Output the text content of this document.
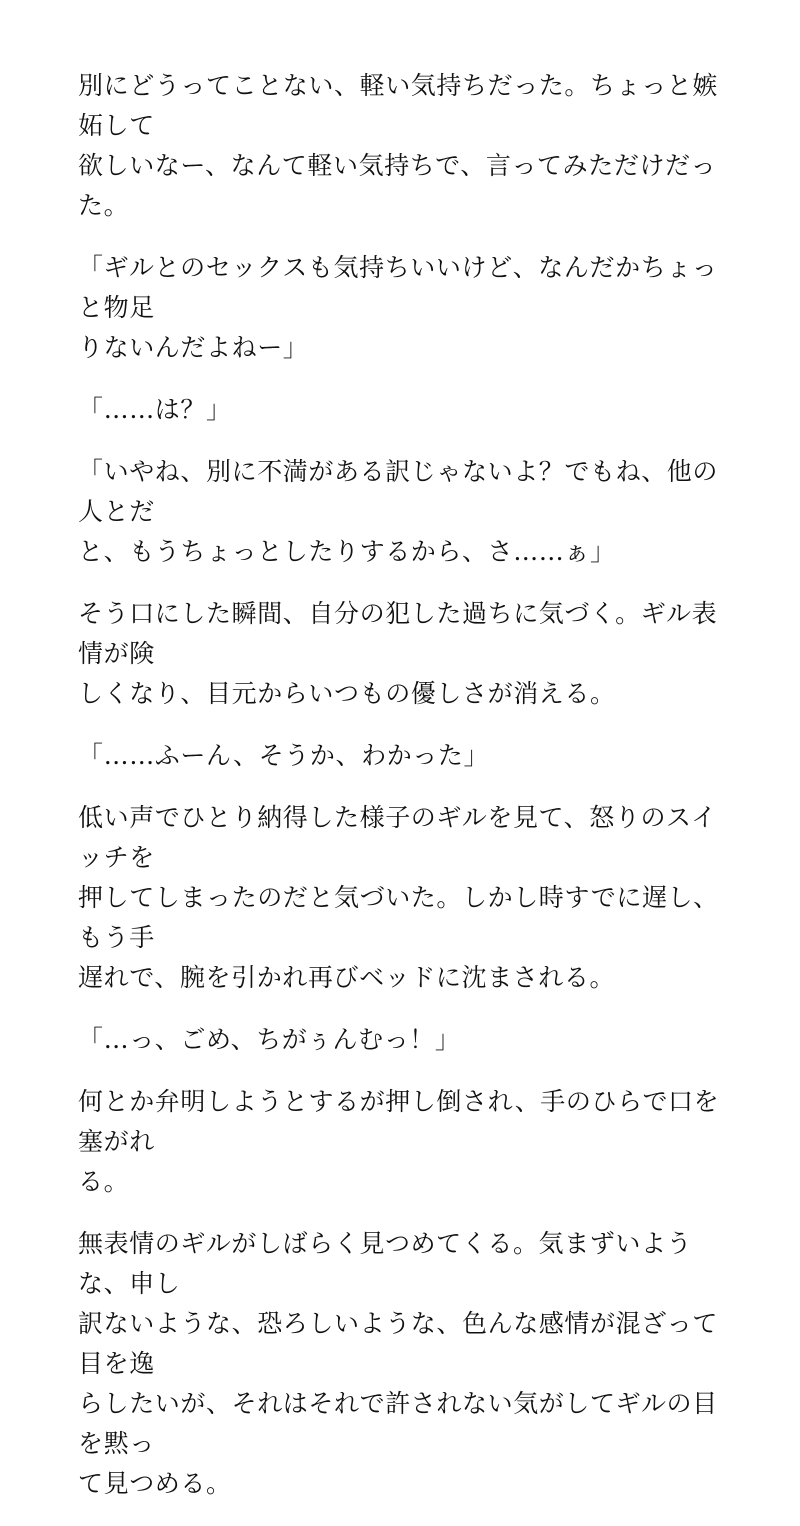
別にどうってことない、軽い気持ちだった。ちょっと嫉妬して
欲しいなー、なんて軽い気持ちで、言ってみただけだった。

「ギルとのセックスも気持ちいいけど、なんだかちょっと物足
りないんだよねー」

「……は？」

「いやね、別に不満がある訳じゃないよ？でもね、他の人とだ
と、もうちょっとしたりするから、さ……ぁ」

そう口にした瞬間、自分の犯した過ちに気づく。ギル表情が険
しくなり、目元からいつもの優しさが消える。

「……ふーん、そうか、わかった」

低い声でひとり納得した様子のギルを見て、怒りのスイッチを
押してしまったのだと気づいた。しかし時すでに遅し、もう手
遅れで、腕を引かれ再びベッドに沈まされる。

「…っ、ごめ、ちがぅんむっ！」

何とか弁明しようとするが押し倒され、手のひらで口を塞がれ
る。

無表情のギルがしばらく見つめてくる。気まずいような、申し
訳ないような、恐ろしいような、色んな感情が混ざって目を逸
らしたいが、それはそれで許されない気がしてギルの目を黙っ
て見つめる。
